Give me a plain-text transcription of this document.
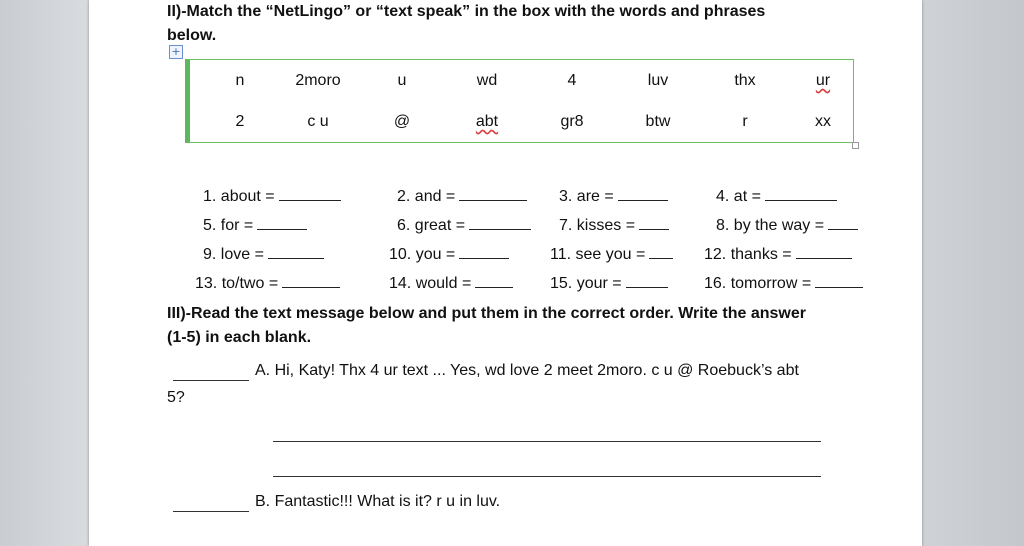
II)-Match the “NetLingo” or “text speak” in the box with the words and phrases
below.
+
n	2moro	u	wd	4	luv	thx	ur
2	c u	@	abt	gr8	btw	r	xx
1. about =	2. and =	3. are =	4. at =
5. for =	6. great =	7. kisses =	8. by the way =
9. love =	10. you =	11. see you =	12. thanks =
13. to/two =	14. would =	15. your =	16. tomorrow =
III)-Read the text message below and put them in the correct order. Write the answer
(1-5) in each blank.
A. Hi, Katy! Thx 4 ur text ... Yes, wd love 2 meet 2moro. c u @ Roebuck’s abt
5?
B. Fantastic!!! What is it? r u in luv.
